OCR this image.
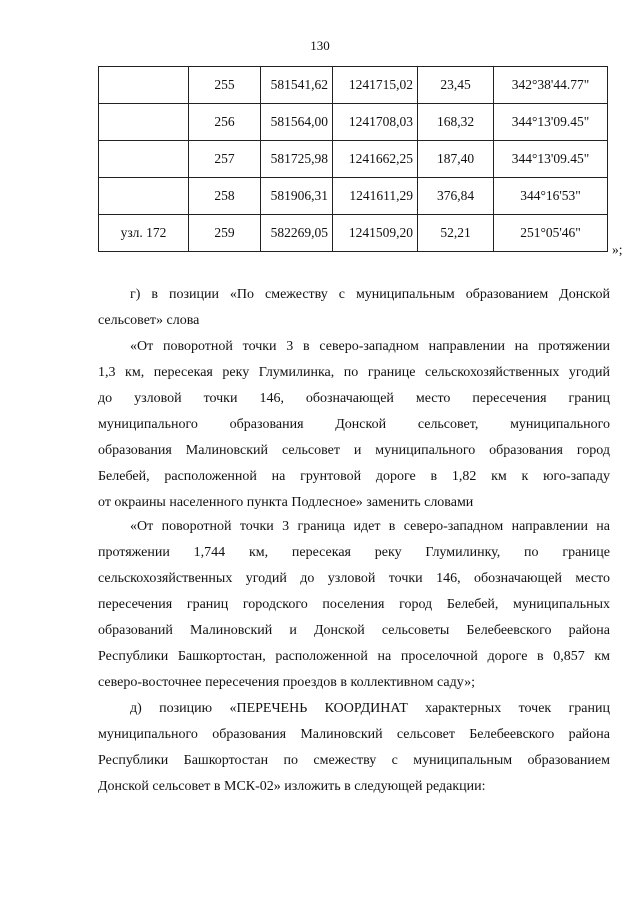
130
	255	581541,62	1241715,02	23,45	342°38'44.77"
	256	581564,00	1241708,03	168,32	344°13'09.45"
	257	581725,98	1241662,25	187,40	344°13'09.45"
	258	581906,31	1241611,29	376,84	344°16'53"
узл. 172	259	582269,05	1241509,20	52,21	251°05'46"
»;
г) в позиции «По смежеству с муниципальным образованием Донской
сельсовет» слова
«От поворотной точки 3 в северо-западном направлении на протяжении
1,3 км, пересекая реку Глумилинка, по границе сельскохозяйственных угодий
до узловой точки 146, обозначающей место пересечения границ
муниципального образования Донской сельсовет, муниципального
образования Малиновский сельсовет и муниципального образования город
Белебей, расположенной на грунтовой дороге в 1,82 км к юго-западу
от окраины населенного пункта Подлесное» заменить словами
«От поворотной точки 3 граница идет в северо-западном направлении на
протяжении 1,744 км, пересекая реку Глумилинку, по границе
сельскохозяйственных угодий до узловой точки 146, обозначающей место
пересечения границ городского поселения город Белебей, муниципальных
образований Малиновский и Донской сельсоветы Белебеевского района
Республики Башкортостан, расположенной на проселочной дороге в 0,857 км
северо-восточнее пересечения проездов в коллективном саду»;
д) позицию «ПЕРЕЧЕНЬ КООРДИНАТ характерных точек границ
муниципального образования Малиновский сельсовет Белебеевского района
Республики Башкортостан по смежеству с муниципальным образованием
Донской сельсовет в МСК-02» изложить в следующей редакции:
